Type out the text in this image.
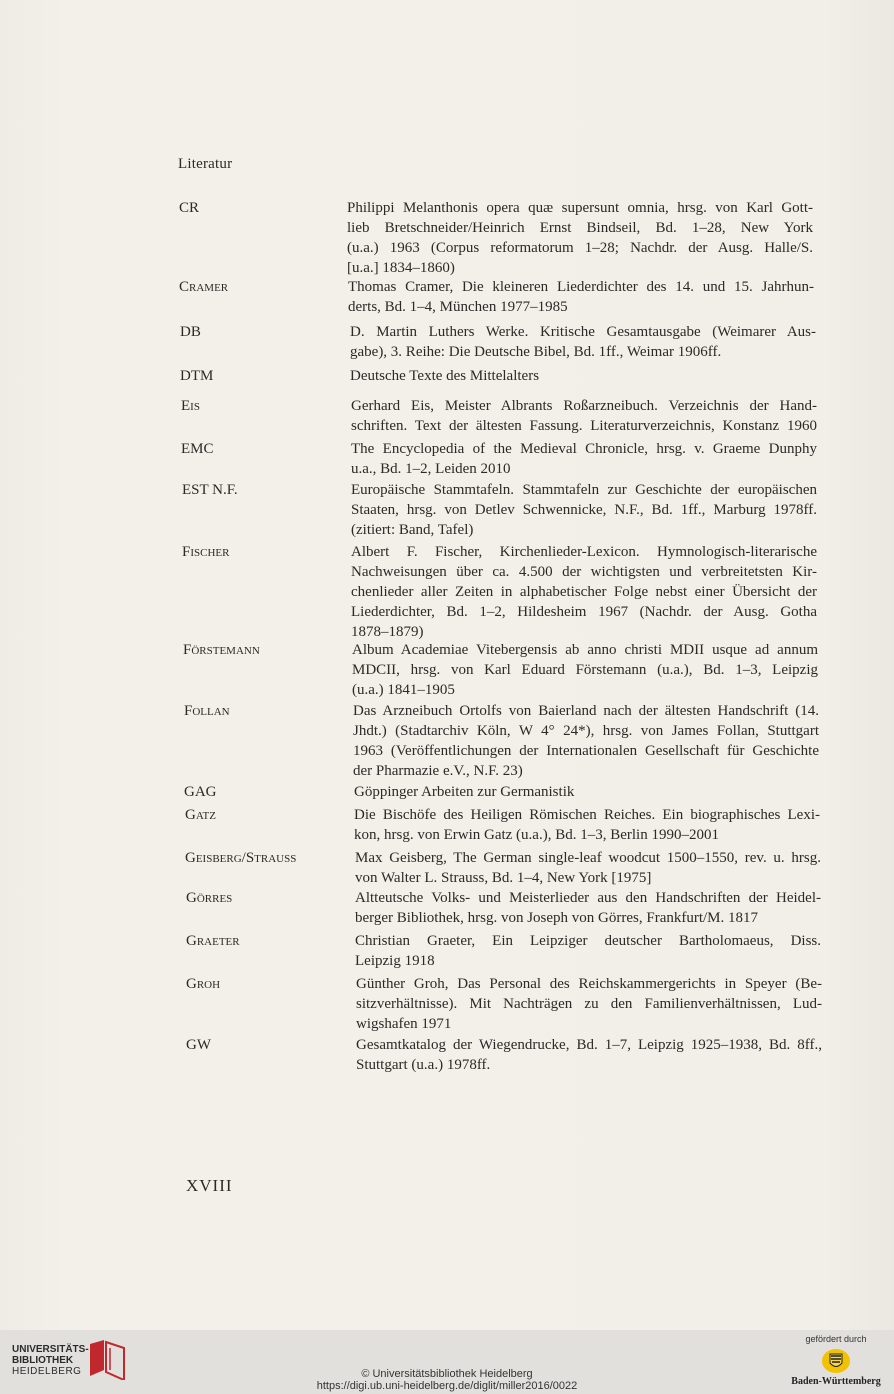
Literatur
CR	Philippi Melanthonis opera quæ supersunt omnia, hrsg. von Karl Gott-
lieb Bretschneider/Heinrich Ernst Bindseil, Bd. 1–28, New York
(u.a.) 1963 (Corpus reformatorum 1–28; Nachdr. der Ausg. Halle/S.
[u.a.] 1834–1860)
Cramer	Thomas Cramer, Die kleineren Liederdichter des 14. und 15. Jahrhun-
derts, Bd. 1–4, München 1977–1985
DB	D. Martin Luthers Werke. Kritische Gesamtausgabe (Weimarer Aus-
gabe), 3. Reihe: Die Deutsche Bibel, Bd. 1ff., Weimar 1906ff.
DTM	Deutsche Texte des Mittelalters
Eis	Gerhard Eis, Meister Albrants Roßarzneibuch. Verzeichnis der Hand-
schriften. Text der ältesten Fassung. Literaturverzeichnis, Konstanz 1960
EMC	The Encyclopedia of the Medieval Chronicle, hrsg. v. Graeme Dunphy
u.a., Bd. 1–2, Leiden 2010
EST N.F.	Europäische Stammtafeln. Stammtafeln zur Geschichte der europäischen
Staaten, hrsg. von Detlev Schwennicke, N.F., Bd. 1ff., Marburg 1978ff.
(zitiert: Band, Tafel)
Fischer	Albert F. Fischer, Kirchenlieder-Lexicon. Hymnologisch-literarische
Nachweisungen über ca. 4.500 der wichtigsten und verbreitetsten Kir-
chenlieder aller Zeiten in alphabetischer Folge nebst einer Übersicht der
Liederdichter, Bd. 1–2, Hildesheim 1967 (Nachdr. der Ausg. Gotha
1878–1879)
Förstemann	Album Academiae Vitebergensis ab anno christi MDII usque ad annum
MDCII, hrsg. von Karl Eduard Förstemann (u.a.), Bd. 1–3, Leipzig
(u.a.) 1841–1905
Follan	Das Arzneibuch Ortolfs von Baierland nach der ältesten Handschrift (14.
Jhdt.) (Stadtarchiv Köln, W 4° 24*), hrsg. von James Follan, Stuttgart
1963 (Veröffentlichungen der Internationalen Gesellschaft für Geschichte
der Pharmazie e.V., N.F. 23)
GAG	Göppinger Arbeiten zur Germanistik
Gatz	Die Bischöfe des Heiligen Römischen Reiches. Ein biographisches Lexi-
kon, hrsg. von Erwin Gatz (u.a.), Bd. 1–3, Berlin 1990–2001
Geisberg/Strauss	Max Geisberg, The German single-leaf woodcut 1500–1550, rev. u. hrsg.
von Walter L. Strauss, Bd. 1–4, New York [1975]
Görres	Altteutsche Volks- und Meisterlieder aus den Handschriften der Heidel-
berger Bibliothek, hrsg. von Joseph von Görres, Frankfurt/M. 1817
Graeter	Christian Graeter, Ein Leipziger deutscher Bartholomaeus, Diss.
Leipzig 1918
Groh	Günther Groh, Das Personal des Reichskammergerichts in Speyer (Be-
sitzverhältnisse). Mit Nachträgen zu den Familienverhältnissen, Lud-
wigshafen 1971
GW	Gesamtkatalog der Wiegendrucke, Bd. 1–7, Leipzig 1925–1938, Bd. 8ff.,
Stuttgart (u.a.) 1978ff.
XVIII
UNIVERSITÄTS-
BIBLIOTHEK
HEIDELBERG	© Universitätsbibliothek Heidelberg
https://digi.ub.uni-heidelberg.de/diglit/miller2016/0022
gefördert durch
Baden-Württemberg
